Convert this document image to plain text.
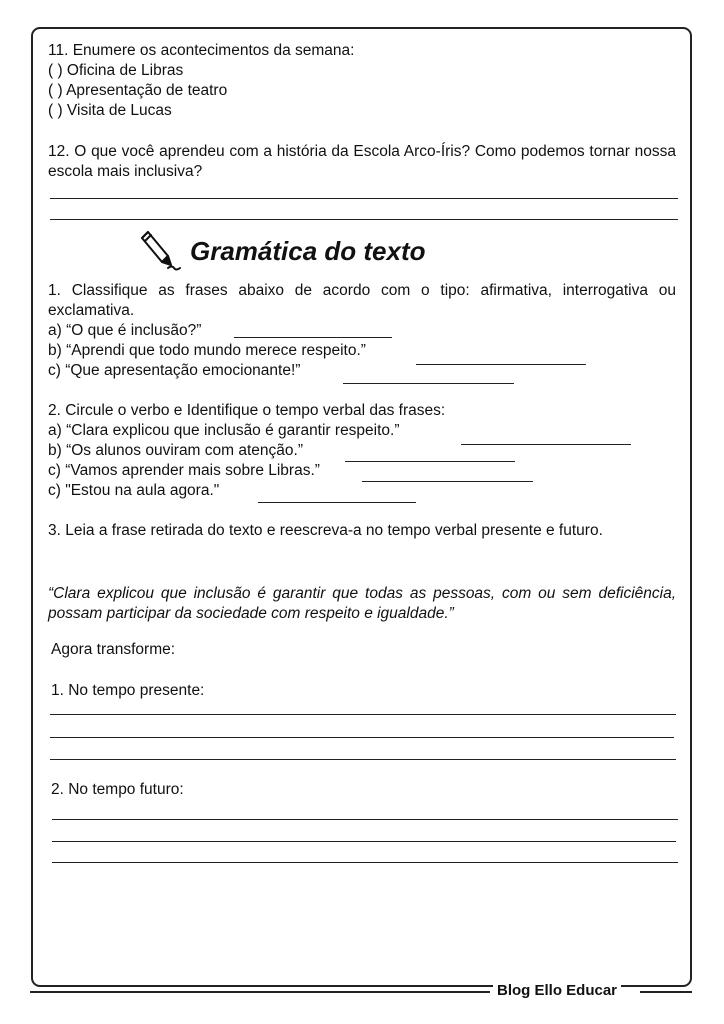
11. Enumere os acontecimentos da semana:
( ) Oficina de Libras
( ) Apresentação de teatro
( ) Visita de Lucas
12. O que você aprendeu com a história da Escola Arco-Íris? Como podemos tornar nossa escola mais inclusiva?
Gramática do texto
1. Classifique as frases abaixo de acordo com o tipo: afirmativa, interrogativa ou exclamativa.
a) “O que é inclusão?”
b) “Aprendi que todo mundo merece respeito.”
c) “Que apresentação emocionante!”
2. Circule o verbo e Identifique o tempo verbal das frases:
a) “Clara explicou que inclusão é garantir respeito.”
b) “Os alunos ouviram com atenção.”
c) “Vamos aprender mais sobre Libras.”
c) "Estou na aula agora."
3. Leia a frase retirada do texto e reescreva-a no tempo verbal presente e futuro.
“Clara explicou que inclusão é garantir que todas as pessoas, com ou sem deficiência, possam participar da sociedade com respeito e igualdade.”
Agora transforme:
1. No tempo presente:
2. No tempo futuro:
Blog Ello Educar
